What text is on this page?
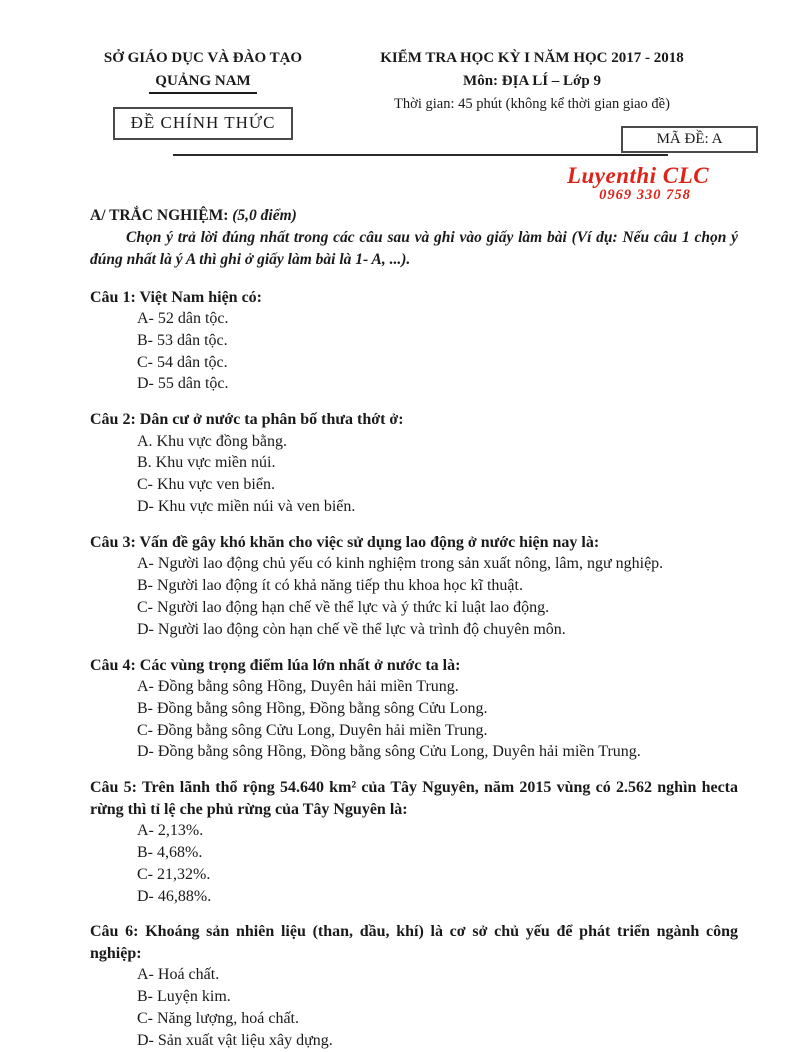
SỞ GIÁO DỤC VÀ ĐÀO TẠO
QUẢNG NAM
ĐỀ CHÍNH THỨC
KIỂM TRA HỌC KỲ I NĂM HỌC 2017 - 2018
Môn: ĐỊA LÍ – Lớp 9
Thời gian: 45 phút (không kể thời gian giao đề)
MÃ ĐỀ: A
Luyenthi CLC
0969 330 758

A/ TRẮC NGHIỆM: (5,0 điểm)

Chọn ý trả lời đúng nhất trong các câu sau và ghi vào giấy làm bài (Ví dụ: Nếu câu 1 chọn ý đúng nhất là ý A thì ghi ở giấy làm bài là 1- A, ...).

Câu 1: Việt Nam hiện có:

A- 52 dân tộc.
B- 53 dân tộc.
C- 54 dân tộc.
D- 55 dân tộc.

Câu 2: Dân cư ở nước ta phân bố thưa thớt ở:

A. Khu vực đồng bằng.
B. Khu vực miền núi.
C- Khu vực ven biển.
D- Khu vực miền núi và ven biển.

Câu 3: Vấn đề gây khó khăn cho việc sử dụng lao động ở nước hiện nay là:

A- Người lao động chủ yếu có kinh nghiệm trong sản xuất nông, lâm, ngư nghiệp.
B- Người lao động ít có khả năng tiếp thu khoa học kĩ thuật.
C- Người lao động hạn chế về thể lực và ý thức kỉ luật lao động.
D- Người lao động còn hạn chế về thể lực và trình độ chuyên môn.

Câu 4: Các vùng trọng điểm lúa lớn nhất ở nước ta là:

A- Đồng bằng sông Hồng, Duyên hải miền Trung.
B- Đồng bằng sông Hồng, Đồng bằng sông Cửu Long.
C- Đồng bằng sông Cửu Long, Duyên hải miền Trung.
D- Đồng bằng sông Hồng, Đồng bằng sông Cửu Long, Duyên hải miền Trung.

Câu 5: Trên lãnh thổ rộng 54.640 km² của Tây Nguyên, năm 2015 vùng có 2.562 nghìn hecta rừng thì tỉ lệ che phủ rừng của Tây Nguyên là:

A- 2,13%.
B- 4,68%.
C- 21,32%.
D- 46,88%.

Câu 6: Khoáng sản nhiên liệu (than, dầu, khí) là cơ sở chủ yếu để phát triển ngành công nghiệp:

A- Hoá chất.
B- Luyện kim.
C- Năng lượng, hoá chất.
D- Sản xuất vật liệu xây dựng.
